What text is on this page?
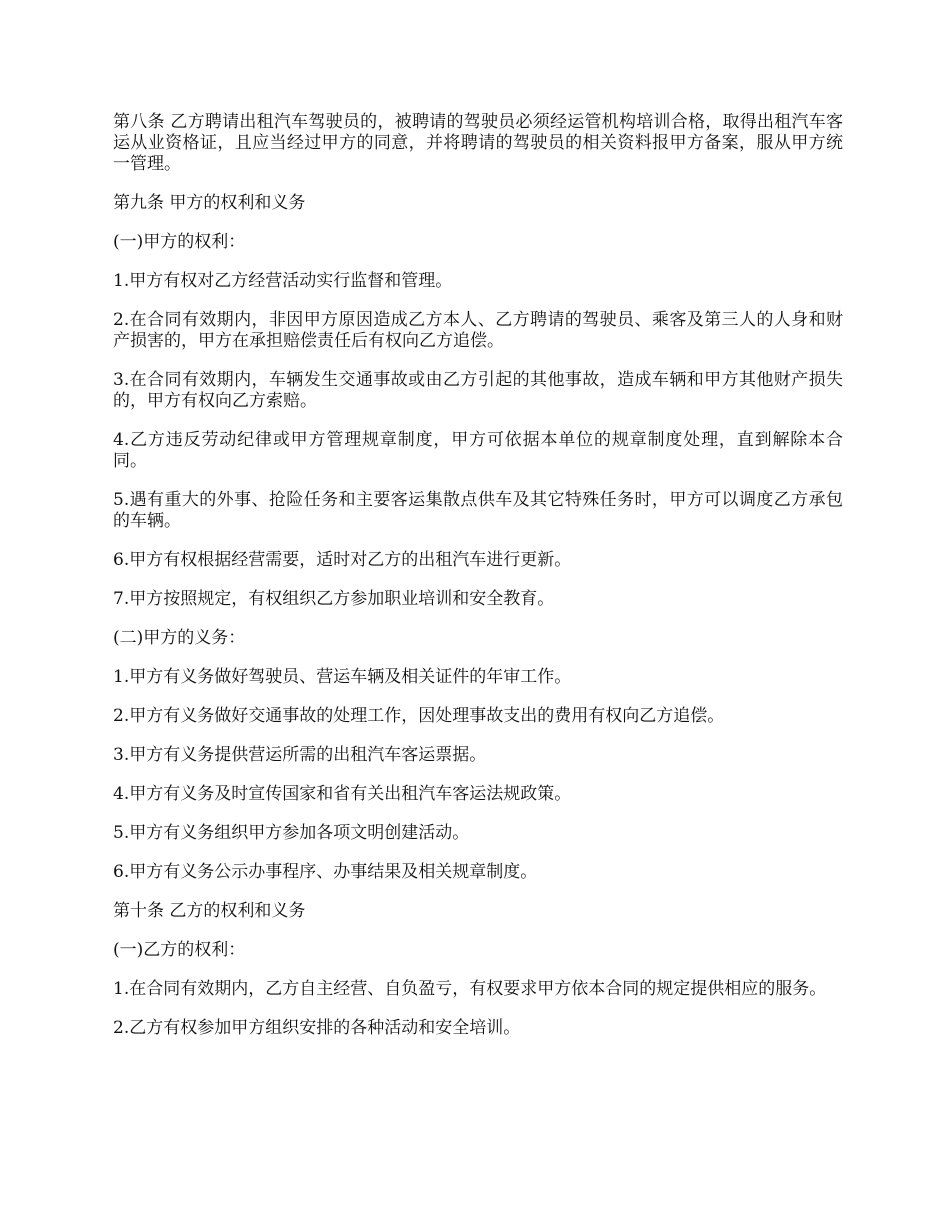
第八条 乙方聘请出租汽车驾驶员的，被聘请的驾驶员必须经运管机构培训合格，取得出租汽车客运从业资格证，且应当经过甲方的同意，并将聘请的驾驶员的相关资料报甲方备案，服从甲方统一管理。

第九条 甲方的权利和义务

(一)甲方的权利：

1.甲方有权对乙方经营活动实行监督和管理。

2.在合同有效期内，非因甲方原因造成乙方本人、乙方聘请的驾驶员、乘客及第三人的人身和财产损害的，甲方在承担赔偿责任后有权向乙方追偿。

3.在合同有效期内，车辆发生交通事故或由乙方引起的其他事故，造成车辆和甲方其他财产损失的，甲方有权向乙方索赔。

4.乙方违反劳动纪律或甲方管理规章制度，甲方可依据本单位的规章制度处理，直到解除本合同。

5.遇有重大的外事、抢险任务和主要客运集散点供车及其它特殊任务时，甲方可以调度乙方承包的车辆。

6.甲方有权根据经营需要，适时对乙方的出租汽车进行更新。

7.甲方按照规定，有权组织乙方参加职业培训和安全教育。

(二)甲方的义务：

1.甲方有义务做好驾驶员、营运车辆及相关证件的年审工作。

2.甲方有义务做好交通事故的处理工作，因处理事故支出的费用有权向乙方追偿。

3.甲方有义务提供营运所需的出租汽车客运票据。

4.甲方有义务及时宣传国家和省有关出租汽车客运法规政策。

5.甲方有义务组织甲方参加各项文明创建活动。

6.甲方有义务公示办事程序、办事结果及相关规章制度。

第十条 乙方的权利和义务

(一)乙方的权利：

1.在合同有效期内，乙方自主经营、自负盈亏，有权要求甲方依本合同的规定提供相应的服务。

2.乙方有权参加甲方组织安排的各种活动和安全培训。
